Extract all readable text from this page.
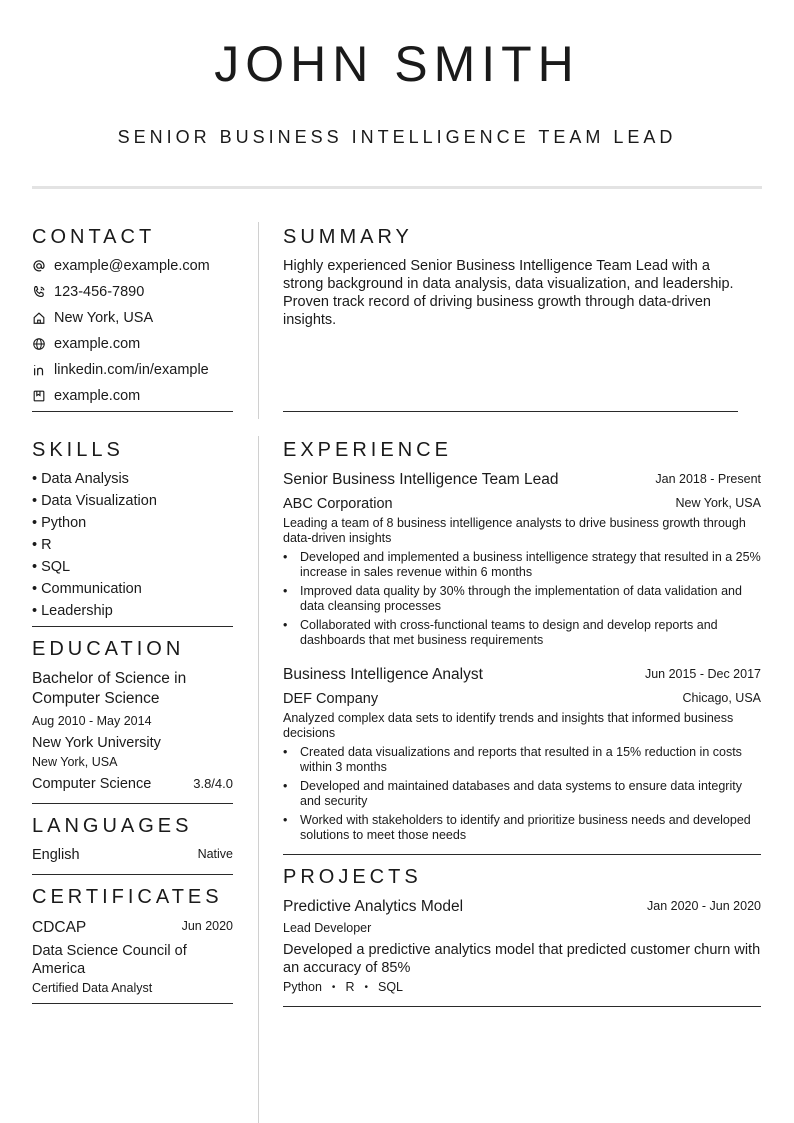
JOHN SMITH
SENIOR BUSINESS INTELLIGENCE TEAM LEAD
CONTACT
example@example.com
123-456-7890
New York, USA
example.com
linkedin.com/in/example
example.com
SUMMARY
Highly experienced Senior Business Intelligence Team Lead with a strong background in data analysis, data visualization, and leadership. Proven track record of driving business growth through data-driven insights.
SKILLS
• Data Analysis
• Data Visualization
• Python
• R
• SQL
• Communication
• Leadership
EDUCATION
Bachelor of Science in Computer Science
Aug 2010 - May 2014
New York University
New York, USA
Computer Science	3.8/4.0
LANGUAGES
English	Native
CERTIFICATES
CDCAP	Jun 2020
Data Science Council of America
Certified Data Analyst
EXPERIENCE
Senior Business Intelligence Team Lead	Jan 2018 - Present
ABC Corporation	New York, USA
Leading a team of 8 business intelligence analysts to drive business growth through data-driven insights
• Developed and implemented a business intelligence strategy that resulted in a 25% increase in sales revenue within 6 months
• Improved data quality by 30% through the implementation of data validation and data cleansing processes
• Collaborated with cross-functional teams to design and develop reports and dashboards that met business requirements
Business Intelligence Analyst	Jun 2015 - Dec 2017
DEF Company	Chicago, USA
Analyzed complex data sets to identify trends and insights that informed business decisions
• Created data visualizations and reports that resulted in a 15% reduction in costs within 3 months
• Developed and maintained databases and data systems to ensure data integrity and security
• Worked with stakeholders to identify and prioritize business needs and developed solutions to meet those needs
PROJECTS
Predictive Analytics Model	Jan 2020 - Jun 2020
Lead Developer
Developed a predictive analytics model that predicted customer churn with an accuracy of 85%
Python • R • SQL
